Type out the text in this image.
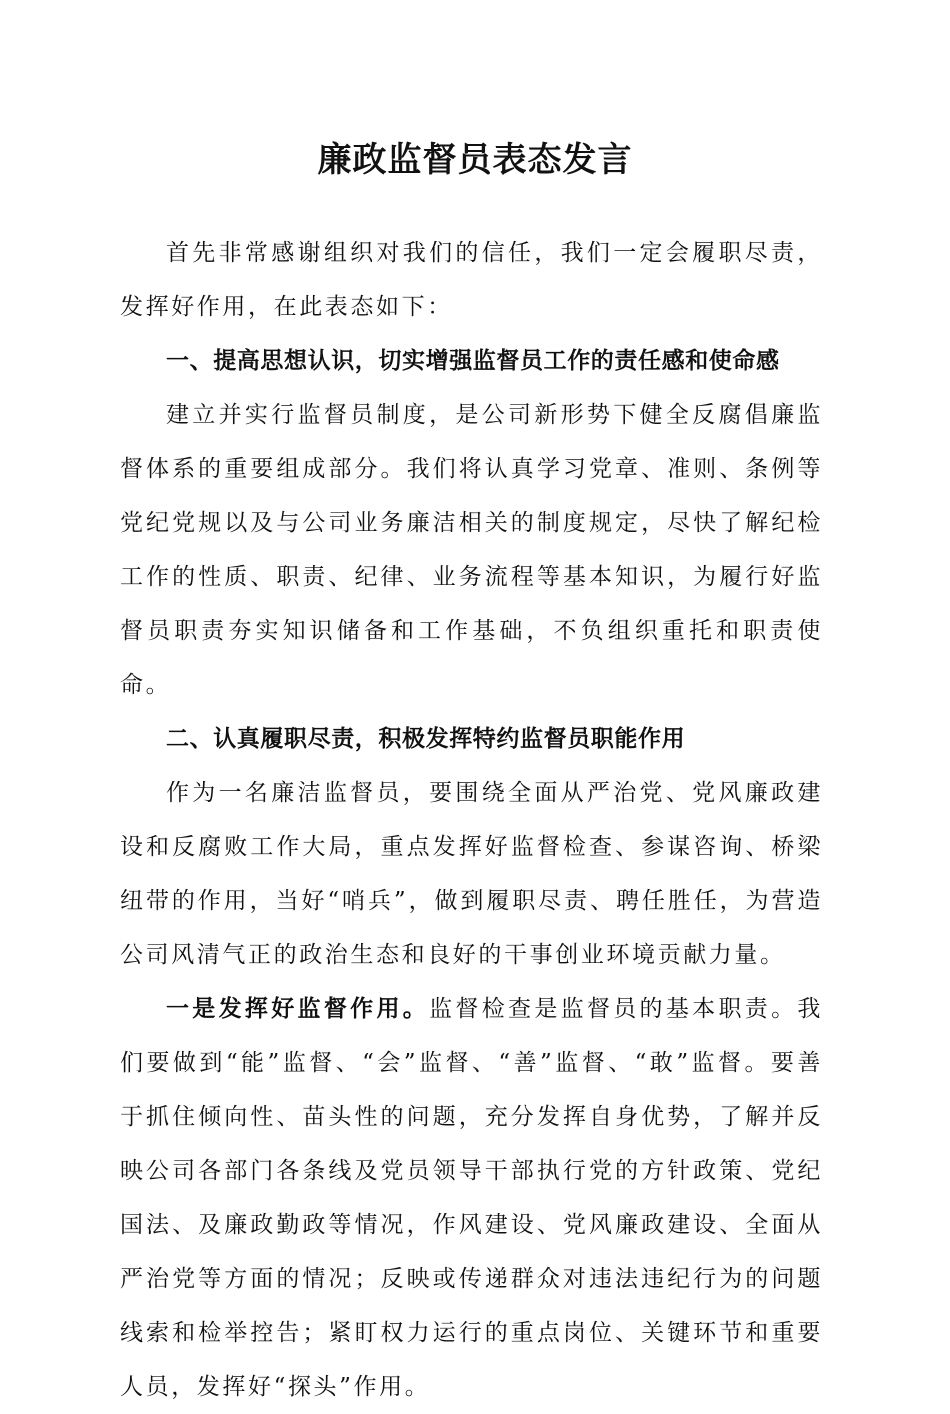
廉政监督员表态发言

首先非常感谢组织对我们的信任，我们一定会履职尽责，发挥好作用，在此表态如下：

一、提高思想认识，切实增强监督员工作的责任感和使命感

建立并实行监督员制度，是公司新形势下健全反腐倡廉监督体系的重要组成部分。我们将认真学习党章、准则、条例等党纪党规以及与公司业务廉洁相关的制度规定，尽快了解纪检工作的性质、职责、纪律、业务流程等基本知识，为履行好监督员职责夯实知识储备和工作基础，不负组织重托和职责使命。

二、认真履职尽责，积极发挥特约监督员职能作用

作为一名廉洁监督员，要围绕全面从严治党、党风廉政建设和反腐败工作大局，重点发挥好监督检查、参谋咨询、桥梁纽带的作用，当好“哨兵”，做到履职尽责、聘任胜任，为营造公司风清气正的政治生态和良好的干事创业环境贡献力量。

一是发挥好监督作用。监督检查是监督员的基本职责。我们要做到“能”监督、“会”监督、“善”监督、“敢”监督。要善于抓住倾向性、苗头性的问题，充分发挥自身优势，了解并反映公司各部门各条线及党员领导干部执行党的方针政策、党纪国法、及廉政勤政等情况，作风建设、党风廉政建设、全面从严治党等方面的情况；反映或传递群众对违法违纪行为的问题线索和检举控告；紧盯权力运行的重点岗位、关键环节和重要人员，发挥好“探头”作用。
